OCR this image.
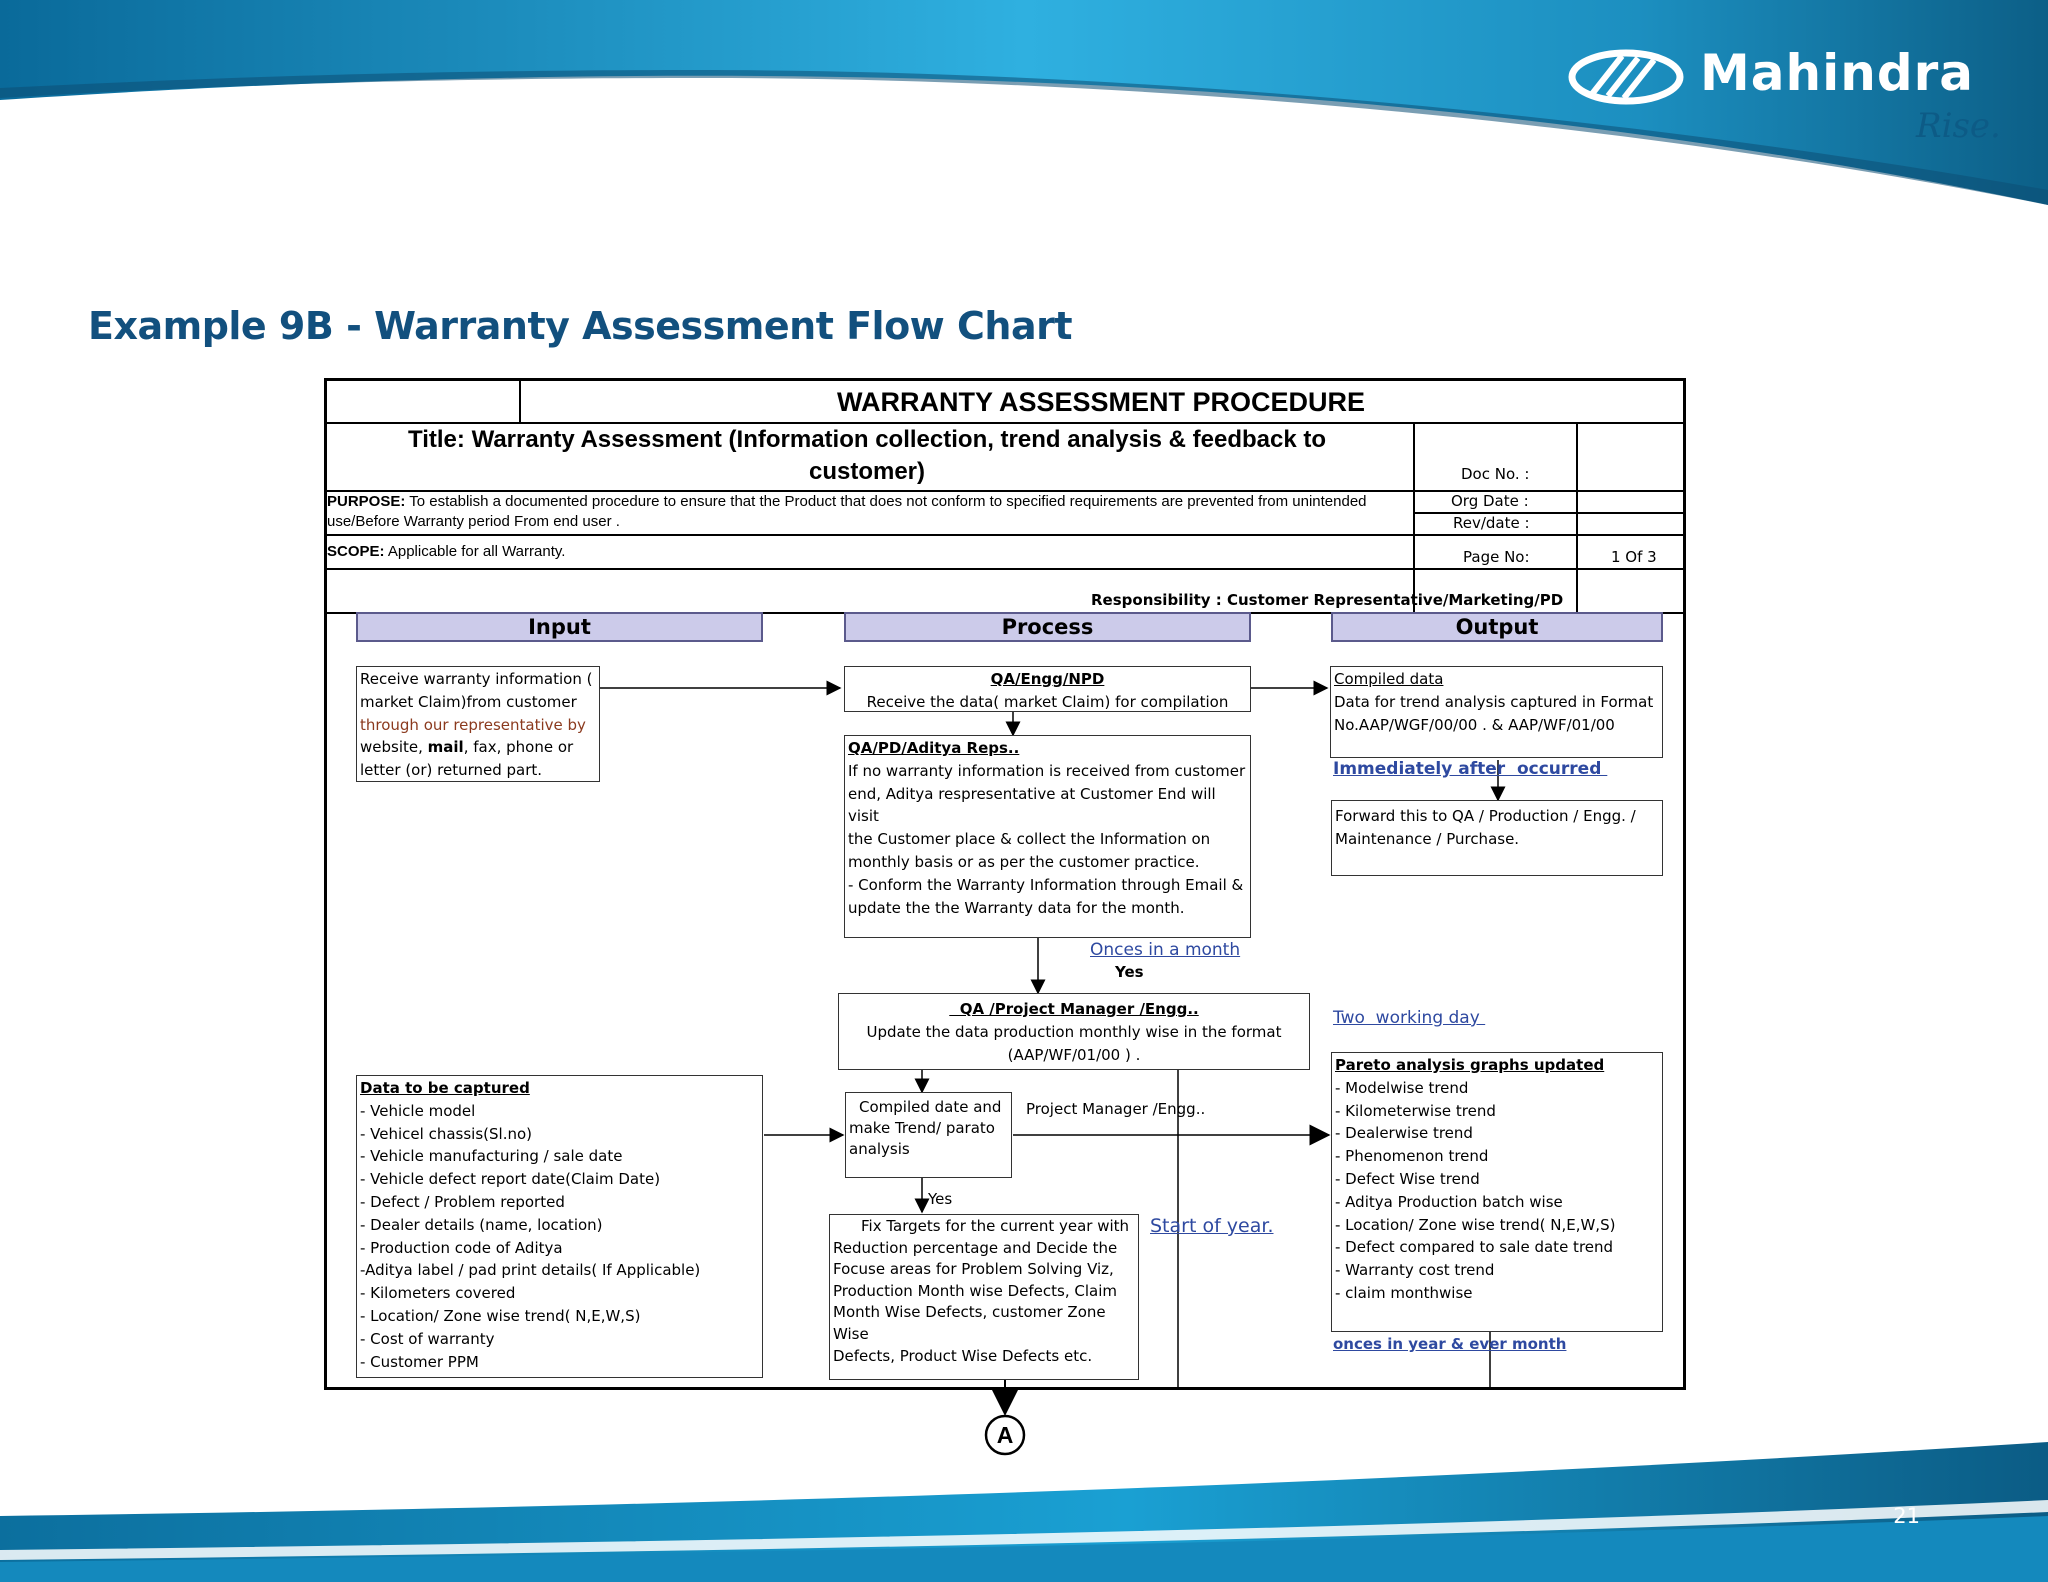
Mahindra
Rise.
Example 9B - Warranty Assessment Flow Chart
WARRANTY ASSESSMENT PROCEDURE
Title: Warranty Assessment (Information collection, trend analysis & feedback to customer)	Doc No. :
PURPOSE: To establish a documented procedure to ensure that the Product that does not conform to specified requirements are prevented from unintended use/Before Warranty period From end user .
Org Date :
Rev/date :
SCOPE: Applicable for all Warranty.	Page No:	1 Of 3
Responsibility : Customer Representative/Marketing/PD
Input	Process	Output
A
Receive warranty information (
market Claim)from customer
through our representative by
website, mail, fax, phone or
letter (or) returned part.
Data to be captured
- Vehicle model
- Vehicel chassis(Sl.no)
- Vehicle manufacturing / sale date
- Vehicle defect report date(Claim Date)
- Defect / Problem reported
- Dealer details (name, location)
- Production code of Aditya
-Aditya label / pad print details( If Applicable)
- Kilometers covered
- Location/ Zone wise trend( N,E,W,S)
- Cost of warranty
- Customer PPM
QA/Engg/NPD
Receive the data( market Claim) for compilation
QA/PD/Aditya Reps..
If no warranty information is received from customer
end, Aditya respresentative at Customer End will visit
the Customer place & collect the Information on
monthly basis or as per the customer practice.
- Conform the Warranty Information through Email &
update the the Warranty data for the month.
Onces in a month
Yes
QA /Project Manager /Engg..
Update the data production monthly wise in the format
(AAP/WF/01/00 ) .
Compiled date and
make Trend/ parato
analysis
Project Manager /Engg..
Yes
Start of year.
Fix Targets for the current year with
Reduction percentage and Decide the
Focuse areas for Problem Solving Viz,
Production Month wise Defects, Claim
Month Wise Defects, customer Zone Wise
Defects, Product Wise Defects etc.
Compiled data
Data for trend analysis captured in Format
No.AAP/WGF/00/00 . & AAP/WF/01/00
Immediately after  occurred
Forward this to QA / Production / Engg. /
Maintenance / Purchase.
Two  working day
Pareto analysis graphs updated
- Modelwise trend
- Kilometerwise trend
- Dealerwise trend
- Phenomenon trend
- Defect Wise trend
- Aditya Production batch wise
- Location/ Zone wise trend( N,E,W,S)
- Defect compared to sale date trend
- Warranty cost trend
- claim monthwise
onces in year & ever month
21
